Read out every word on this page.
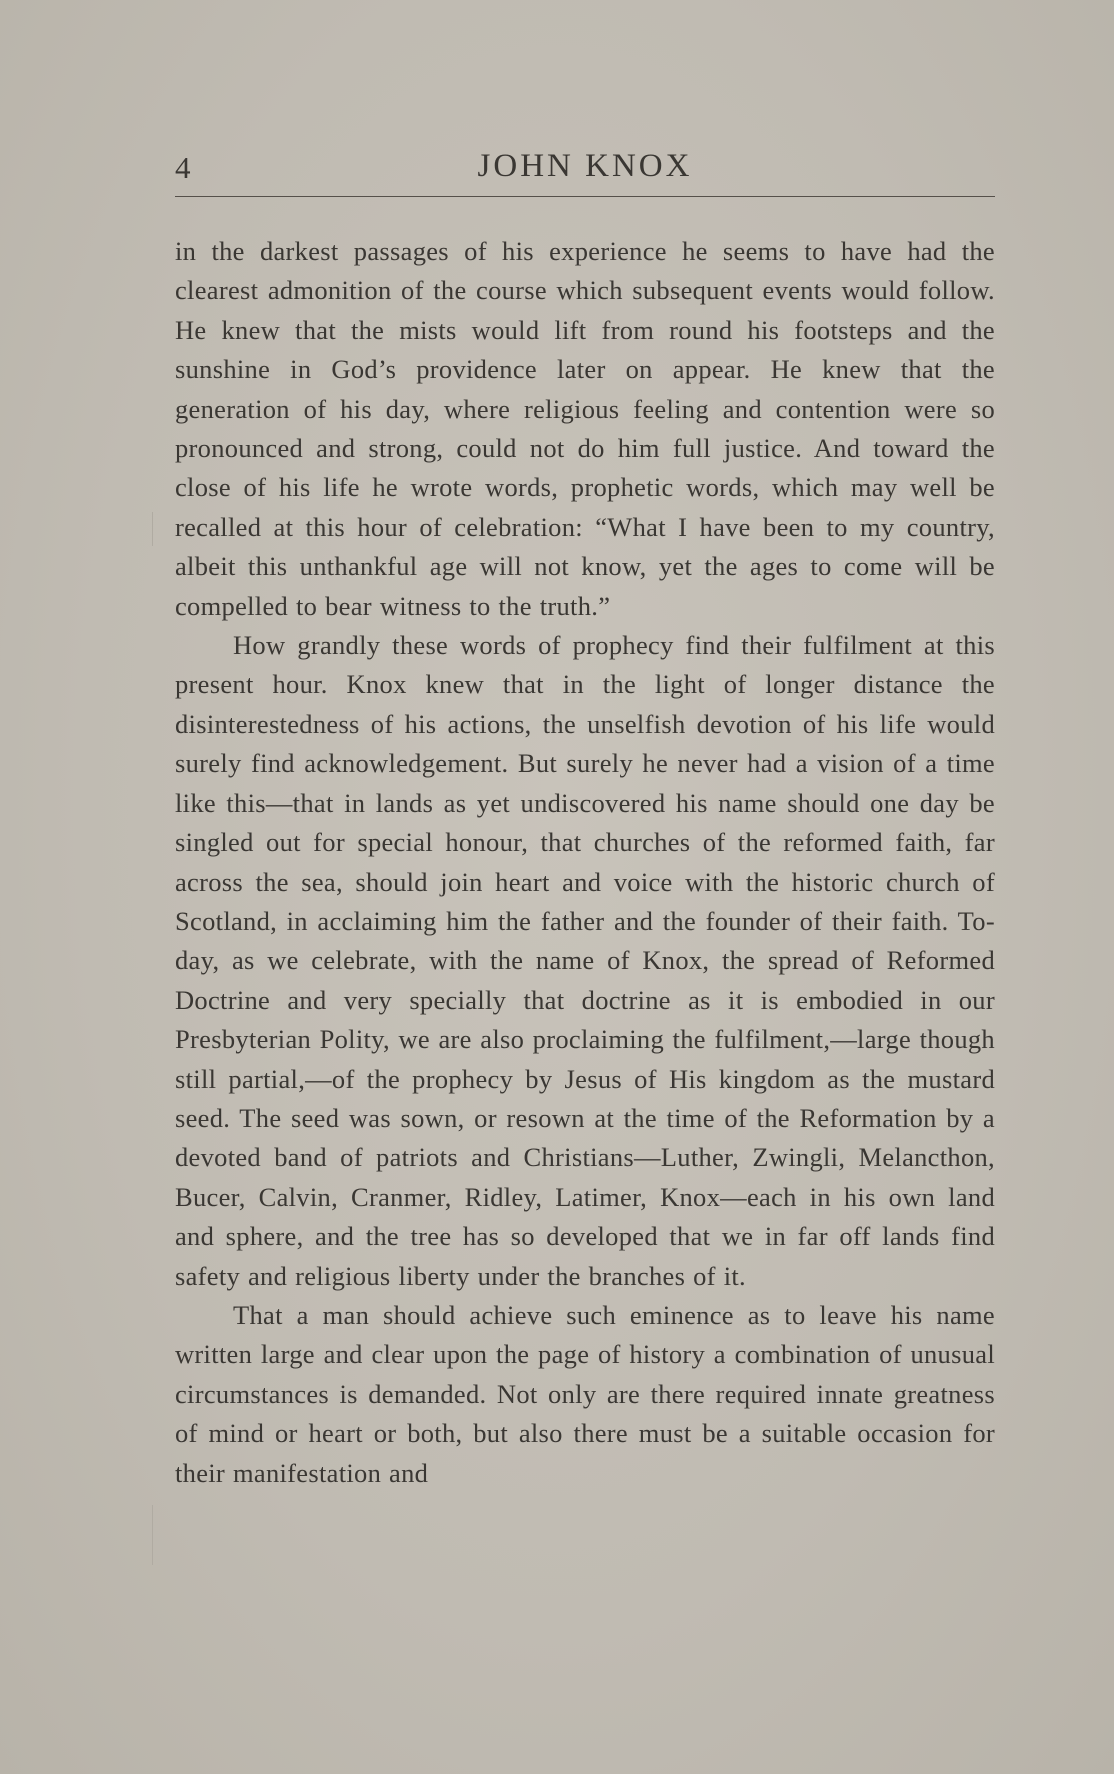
4	JOHN KNOX

in the darkest passages of his experience he seems to have had the clearest admonition of the course which subsequent events would follow. He knew that the mists would lift from round his footsteps and the sunshine in God’s providence later on appear. He knew that the generation of his day, where religious feeling and contention were so pronounced and strong, could not do him full justice. And toward the close of his life he wrote words, prophetic words, which may well be recalled at this hour of celebration: “What I have been to my country, albeit this unthankful age will not know, yet the ages to come will be compelled to bear witness to the truth.”

How grandly these words of prophecy find their fulfilment at this present hour. Knox knew that in the light of longer distance the disinterestedness of his actions, the unselfish devotion of his life would surely find acknowledgement. But surely he never had a vision of a time like this—that in lands as yet undiscovered his name should one day be singled out for special honour, that churches of the reformed faith, far across the sea, should join heart and voice with the historic church of Scotland, in acclaiming him the father and the founder of their faith. To-day, as we celebrate, with the name of Knox, the spread of Reformed Doctrine and very specially that doctrine as it is embodied in our Presbyterian Polity, we are also proclaiming the fulfilment,—large though still partial,—of the prophecy by Jesus of His kingdom as the mustard seed. The seed was sown, or resown at the time of the Reformation by a devoted band of patriots and Christians—Luther, Zwingli, Melancthon, Bucer, Calvin, Cranmer, Ridley, Latimer, Knox—each in his own land and sphere, and the tree has so developed that we in far off lands find safety and religious liberty under the branches of it.

That a man should achieve such eminence as to leave his name written large and clear upon the page of history a combination of unusual circumstances is demanded. Not only are there required innate greatness of mind or heart or both, but also there must be a suitable occasion for their manifestation and
